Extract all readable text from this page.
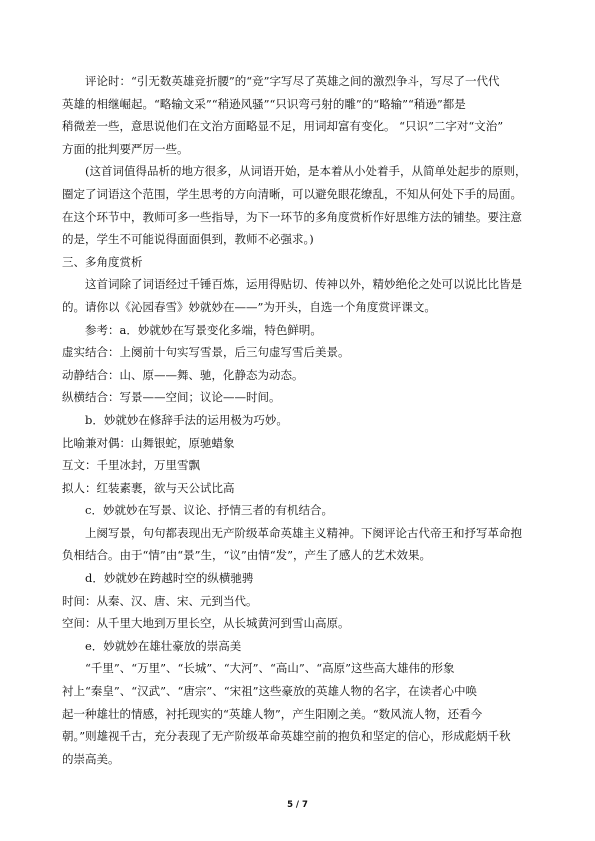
评论时：“引无数英雄竞折腰”的“竞”字写尽了英雄之间的激烈争斗，写尽了一代代

英雄的相继崛起。“略输文采”“稍逊风骚”“只识弯弓射的雕”的“略输”“稍逊”都是

稍微差一些，意思说他们在文治方面略显不足，用词却富有变化。 “只识”二字对“文治”

方面的批判要严厉一些。

(这首词值得品析的地方很多，从词语开始，是本着从小处着手，从简单处起步的原则，

圈定了词语这个范围，学生思考的方向清晰，可以避免眼花缭乱，不知从何处下手的局面。

在这个环节中，教师可多一些指导，为下一环节的多角度赏析作好思维方法的铺垫。要注意

的是，学生不可能说得面面俱到，教师不必强求。)

三、多角度赏析

这首词除了词语经过千锤百炼，运用得贴切、传神以外，精妙绝伦之处可以说比比皆是

的。请你以《沁园春雪》妙就妙在——”为开头，自选一个角度赏评课文。

参考：a．妙就妙在写景变化多端，特色鲜明。

虚实结合：上阕前十句实写雪景，后三句虚写雪后美景。

动静结合：山、原——舞、驰，化静态为动态。

纵横结合：写景——空间；议论——时间。

b．妙就妙在修辞手法的运用极为巧妙。

比喻兼对偶：山舞银蛇，原驰蜡象

互文：千里冰封，万里雪飘

拟人：红装素裹，欲与天公试比高

c．妙就妙在写景、议论、抒情三者的有机结合。

上阕写景，句句都表现出无产阶级革命英雄主义精神。下阕评论古代帝王和抒写革命抱

负相结合。由于“情”由“景”生，“议”由情“发”，产生了感人的艺术效果。

d．妙就妙在跨越时空的纵横驰骋

时间：从秦、汉、唐、宋、元到当代。

空间：从千里大地到万里长空，从长城黄河到雪山高原。

e．妙就妙在雄壮豪放的崇高美

“千里”、“万里”、“长城”、“大河”、“高山”、“高原”这些高大雄伟的形象

衬上“秦皇”、“汉武”、“唐宗”、“宋祖”这些豪放的英雄人物的名字，在读者心中唤

起一种雄壮的情感，衬托现实的“英雄人物”，产生阳刚之美。“数风流人物，还看今

朝。”则雄视千古，充分表现了无产阶级革命英雄空前的抱负和坚定的信心，形成彪炳千秋

的崇高美。

5 / 7
